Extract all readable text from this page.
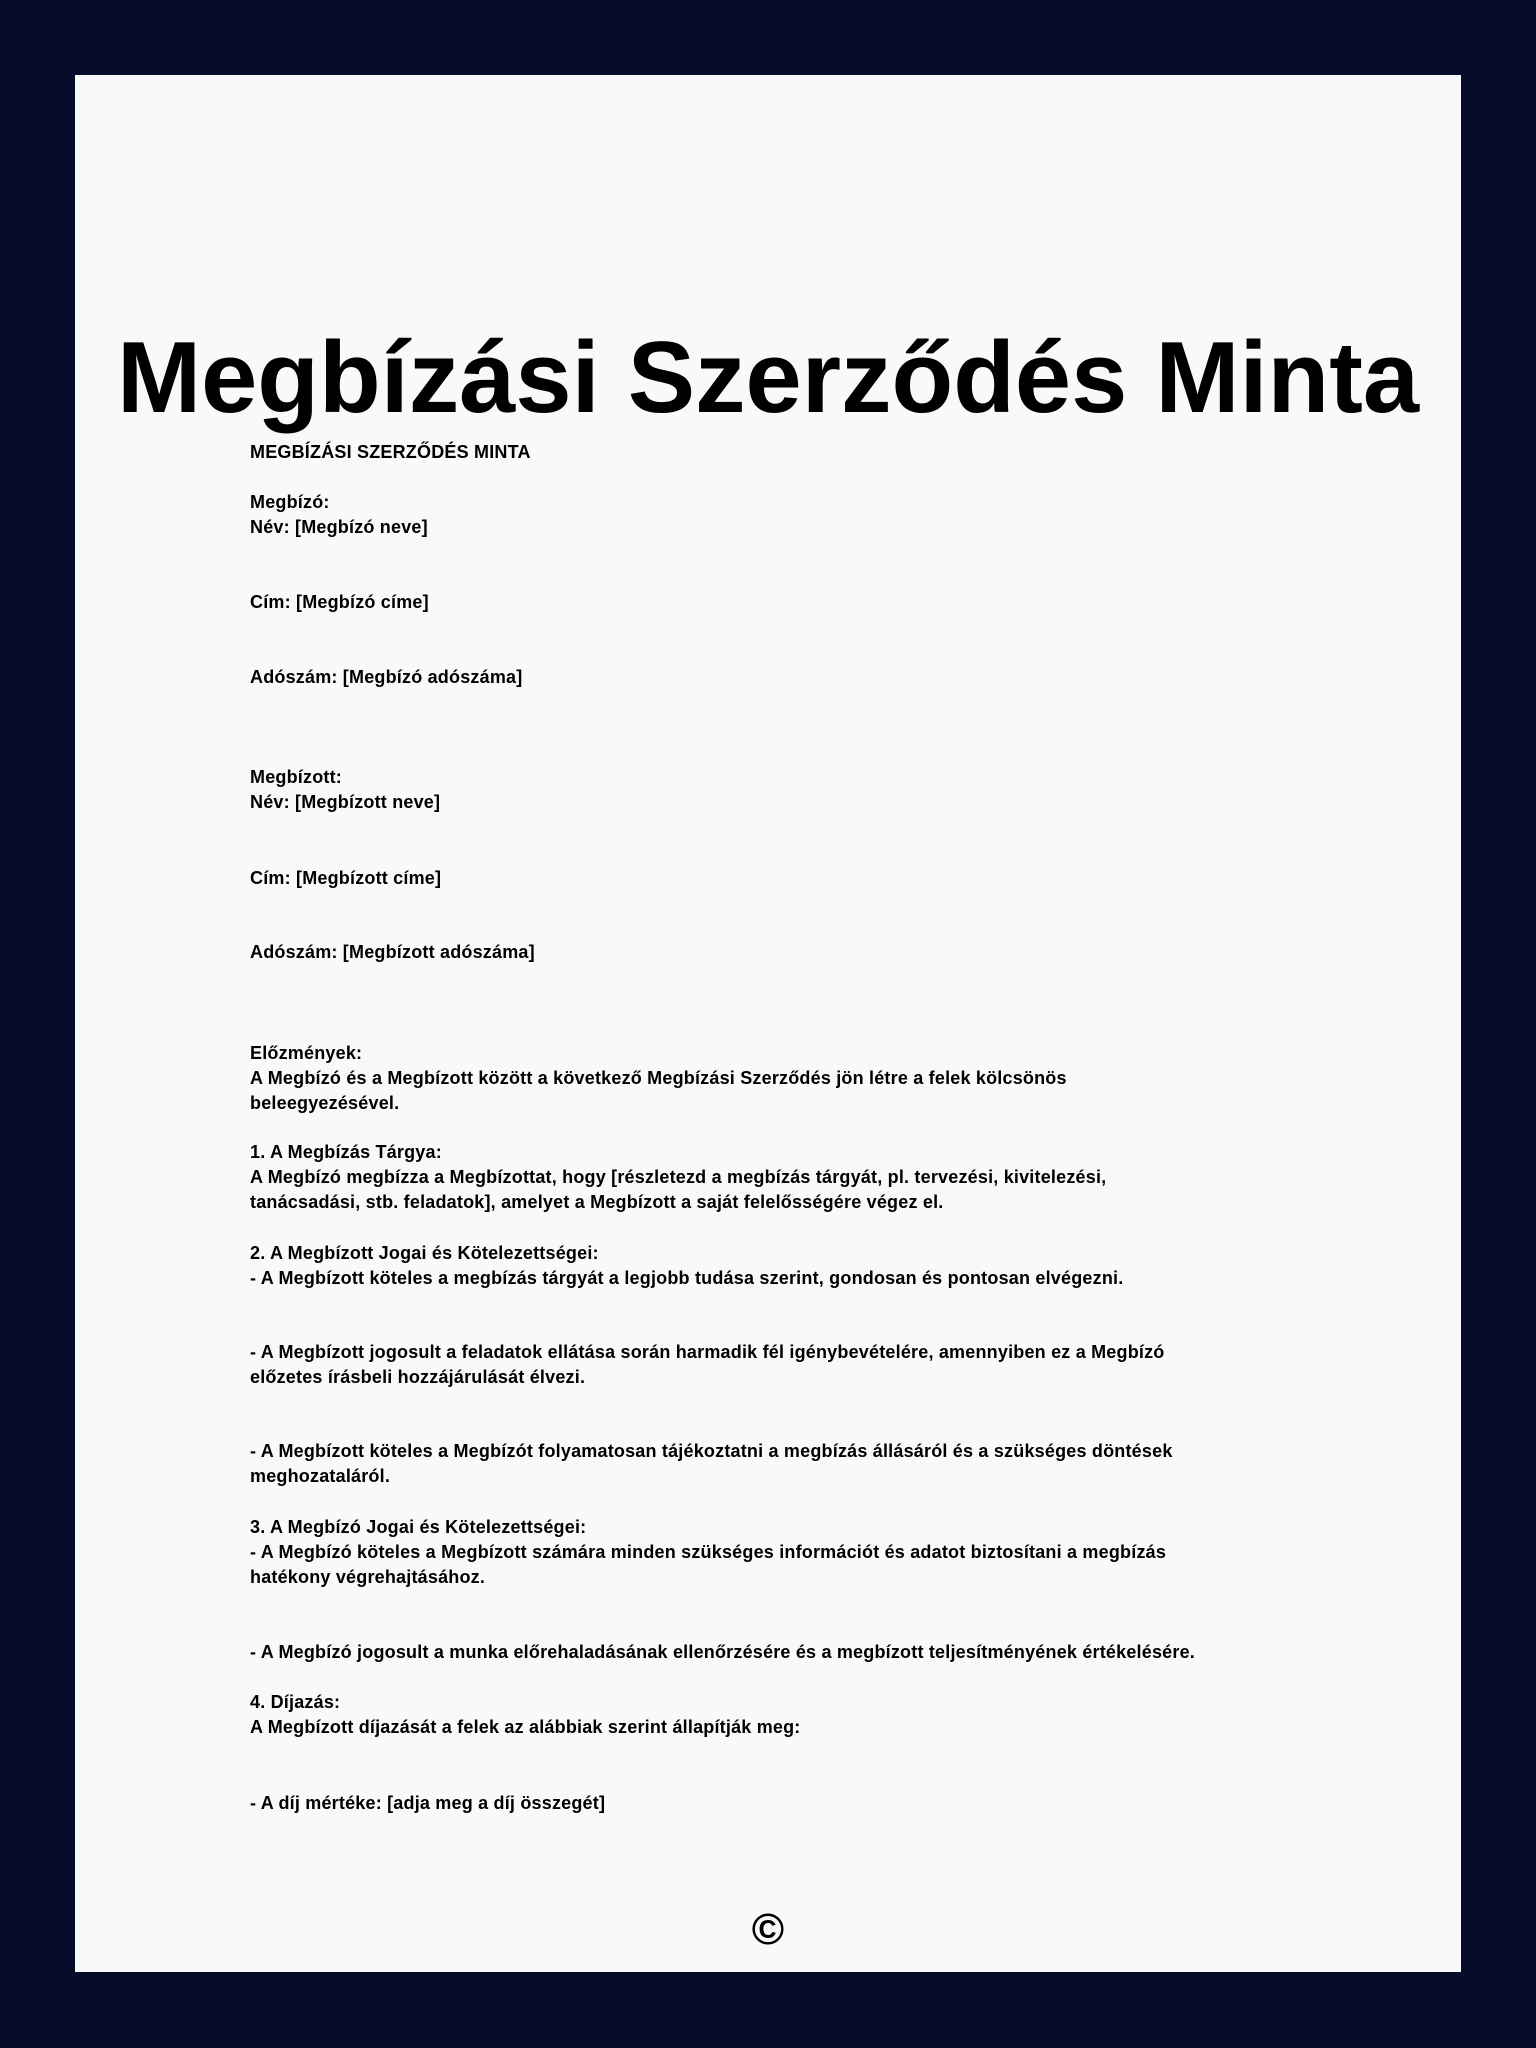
Megbízási Szerződés Minta
MEGBÍZÁSI SZERZŐDÉS MINTA
Megbízó:
Név: [Megbízó neve]
Cím: [Megbízó címe]
Adószám: [Megbízó adószáma]
Megbízott:
Név: [Megbízott neve]
Cím: [Megbízott címe]
Adószám: [Megbízott adószáma]
Előzmények:
A Megbízó és a Megbízott között a következő Megbízási Szerződés jön létre a felek kölcsönös
beleegyezésével.
1. A Megbízás Tárgya:
A Megbízó megbízza a Megbízottat, hogy [részletezd a megbízás tárgyát, pl. tervezési, kivitelezési,
tanácsadási, stb. feladatok], amelyet a Megbízott a saját felelősségére végez el.
2. A Megbízott Jogai és Kötelezettségei:
- A Megbízott köteles a megbízás tárgyát a legjobb tudása szerint, gondosan és pontosan elvégezni.
- A Megbízott jogosult a feladatok ellátása során harmadik fél igénybevételére, amennyiben ez a Megbízó
előzetes írásbeli hozzájárulását élvezi.
- A Megbízott köteles a Megbízót folyamatosan tájékoztatni a megbízás állásáról és a szükséges döntések
meghozataláról.
3. A Megbízó Jogai és Kötelezettségei:
- A Megbízó köteles a Megbízott számára minden szükséges információt és adatot biztosítani a megbízás
hatékony végrehajtásához.
- A Megbízó jogosult a munka előrehaladásának ellenőrzésére és a megbízott teljesítményének értékelésére.
4. Díjazás:
A Megbízott díjazását a felek az alábbiak szerint állapítják meg:
- A díj mértéke: [adja meg a díj összegét]
©
